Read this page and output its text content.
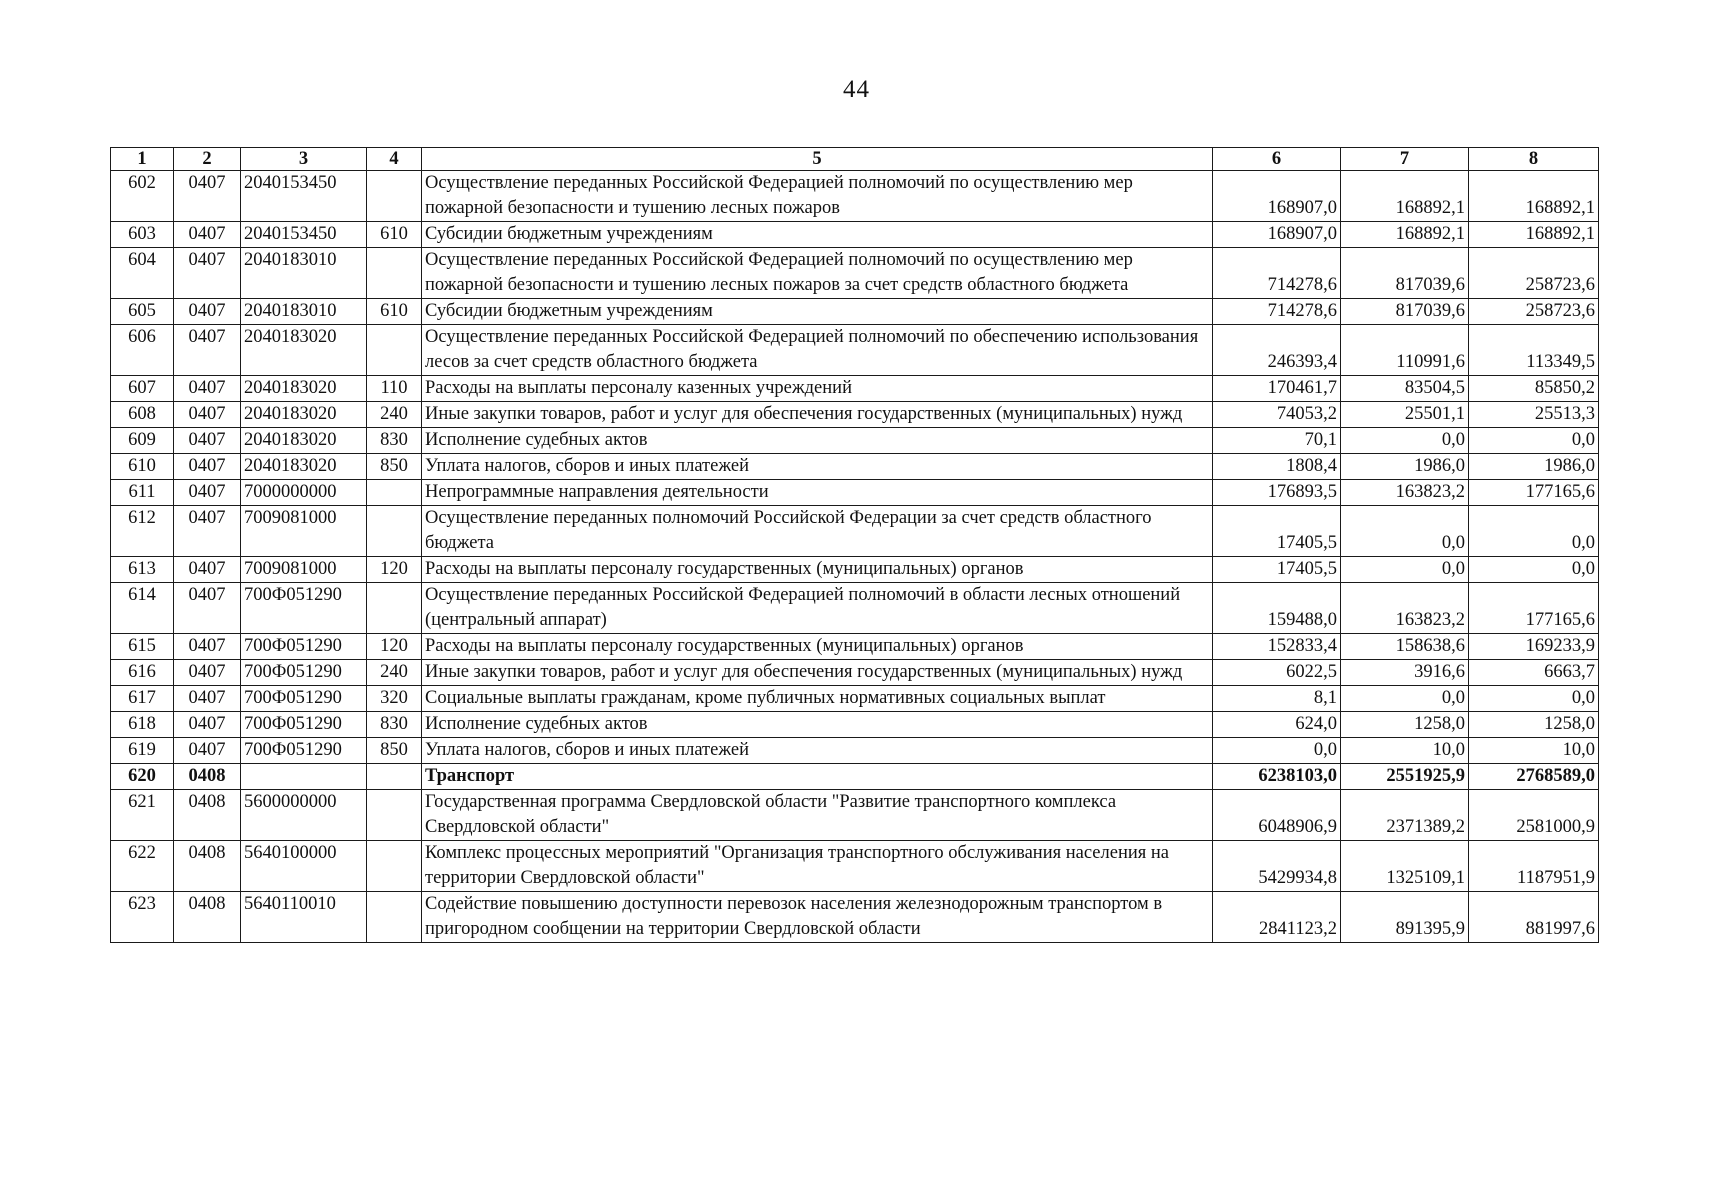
44
1	2	3	4	5	6	7	8
602	0407	2040153450		Осуществление переданных Российской Федерацией полномочий по осуществлению мер пожарной безопасности и тушению лесных пожаров	168907,0	168892,1	168892,1
603	0407	2040153450	610	Субсидии бюджетным учреждениям	168907,0	168892,1	168892,1
604	0407	2040183010		Осуществление переданных Российской Федерацией полномочий по осуществлению мер пожарной безопасности и тушению лесных пожаров за счет средств областного бюджета	714278,6	817039,6	258723,6
605	0407	2040183010	610	Субсидии бюджетным учреждениям	714278,6	817039,6	258723,6
606	0407	2040183020		Осуществление переданных Российской Федерацией полномочий по обеспечению использования лесов за счет средств областного бюджета	246393,4	110991,6	113349,5
607	0407	2040183020	110	Расходы на выплаты персоналу казенных учреждений	170461,7	83504,5	85850,2
608	0407	2040183020	240	Иные закупки товаров, работ и услуг для обеспечения государственных (муниципальных) нужд	74053,2	25501,1	25513,3
609	0407	2040183020	830	Исполнение судебных актов	70,1	0,0	0,0
610	0407	2040183020	850	Уплата налогов, сборов и иных платежей	1808,4	1986,0	1986,0
611	0407	7000000000		Непрограммные направления деятельности	176893,5	163823,2	177165,6
612	0407	7009081000		Осуществление переданных полномочий Российской Федерации за счет средств областного бюджета	17405,5	0,0	0,0
613	0407	7009081000	120	Расходы на выплаты персоналу государственных (муниципальных) органов	17405,5	0,0	0,0
614	0407	700Ф051290		Осуществление переданных Российской Федерацией полномочий в области лесных отношений (центральный аппарат)	159488,0	163823,2	177165,6
615	0407	700Ф051290	120	Расходы на выплаты персоналу государственных (муниципальных) органов	152833,4	158638,6	169233,9
616	0407	700Ф051290	240	Иные закупки товаров, работ и услуг для обеспечения государственных (муниципальных) нужд	6022,5	3916,6	6663,7
617	0407	700Ф051290	320	Социальные выплаты гражданам, кроме публичных нормативных социальных выплат	8,1	0,0	0,0
618	0407	700Ф051290	830	Исполнение судебных актов	624,0	1258,0	1258,0
619	0407	700Ф051290	850	Уплата налогов, сборов и иных платежей	0,0	10,0	10,0
620	0408			Транспорт	6238103,0	2551925,9	2768589,0
621	0408	5600000000		Государственная программа Свердловской области "Развитие транспортного комплекса Свердловской области"	6048906,9	2371389,2	2581000,9
622	0408	5640100000		Комплекс процессных мероприятий "Организация транспортного обслуживания населения на территории Свердловской области"	5429934,8	1325109,1	1187951,9
623	0408	5640110010		Содействие повышению доступности перевозок населения железнодорожным транспортом в пригородном сообщении на территории Свердловской области	2841123,2	891395,9	881997,6
